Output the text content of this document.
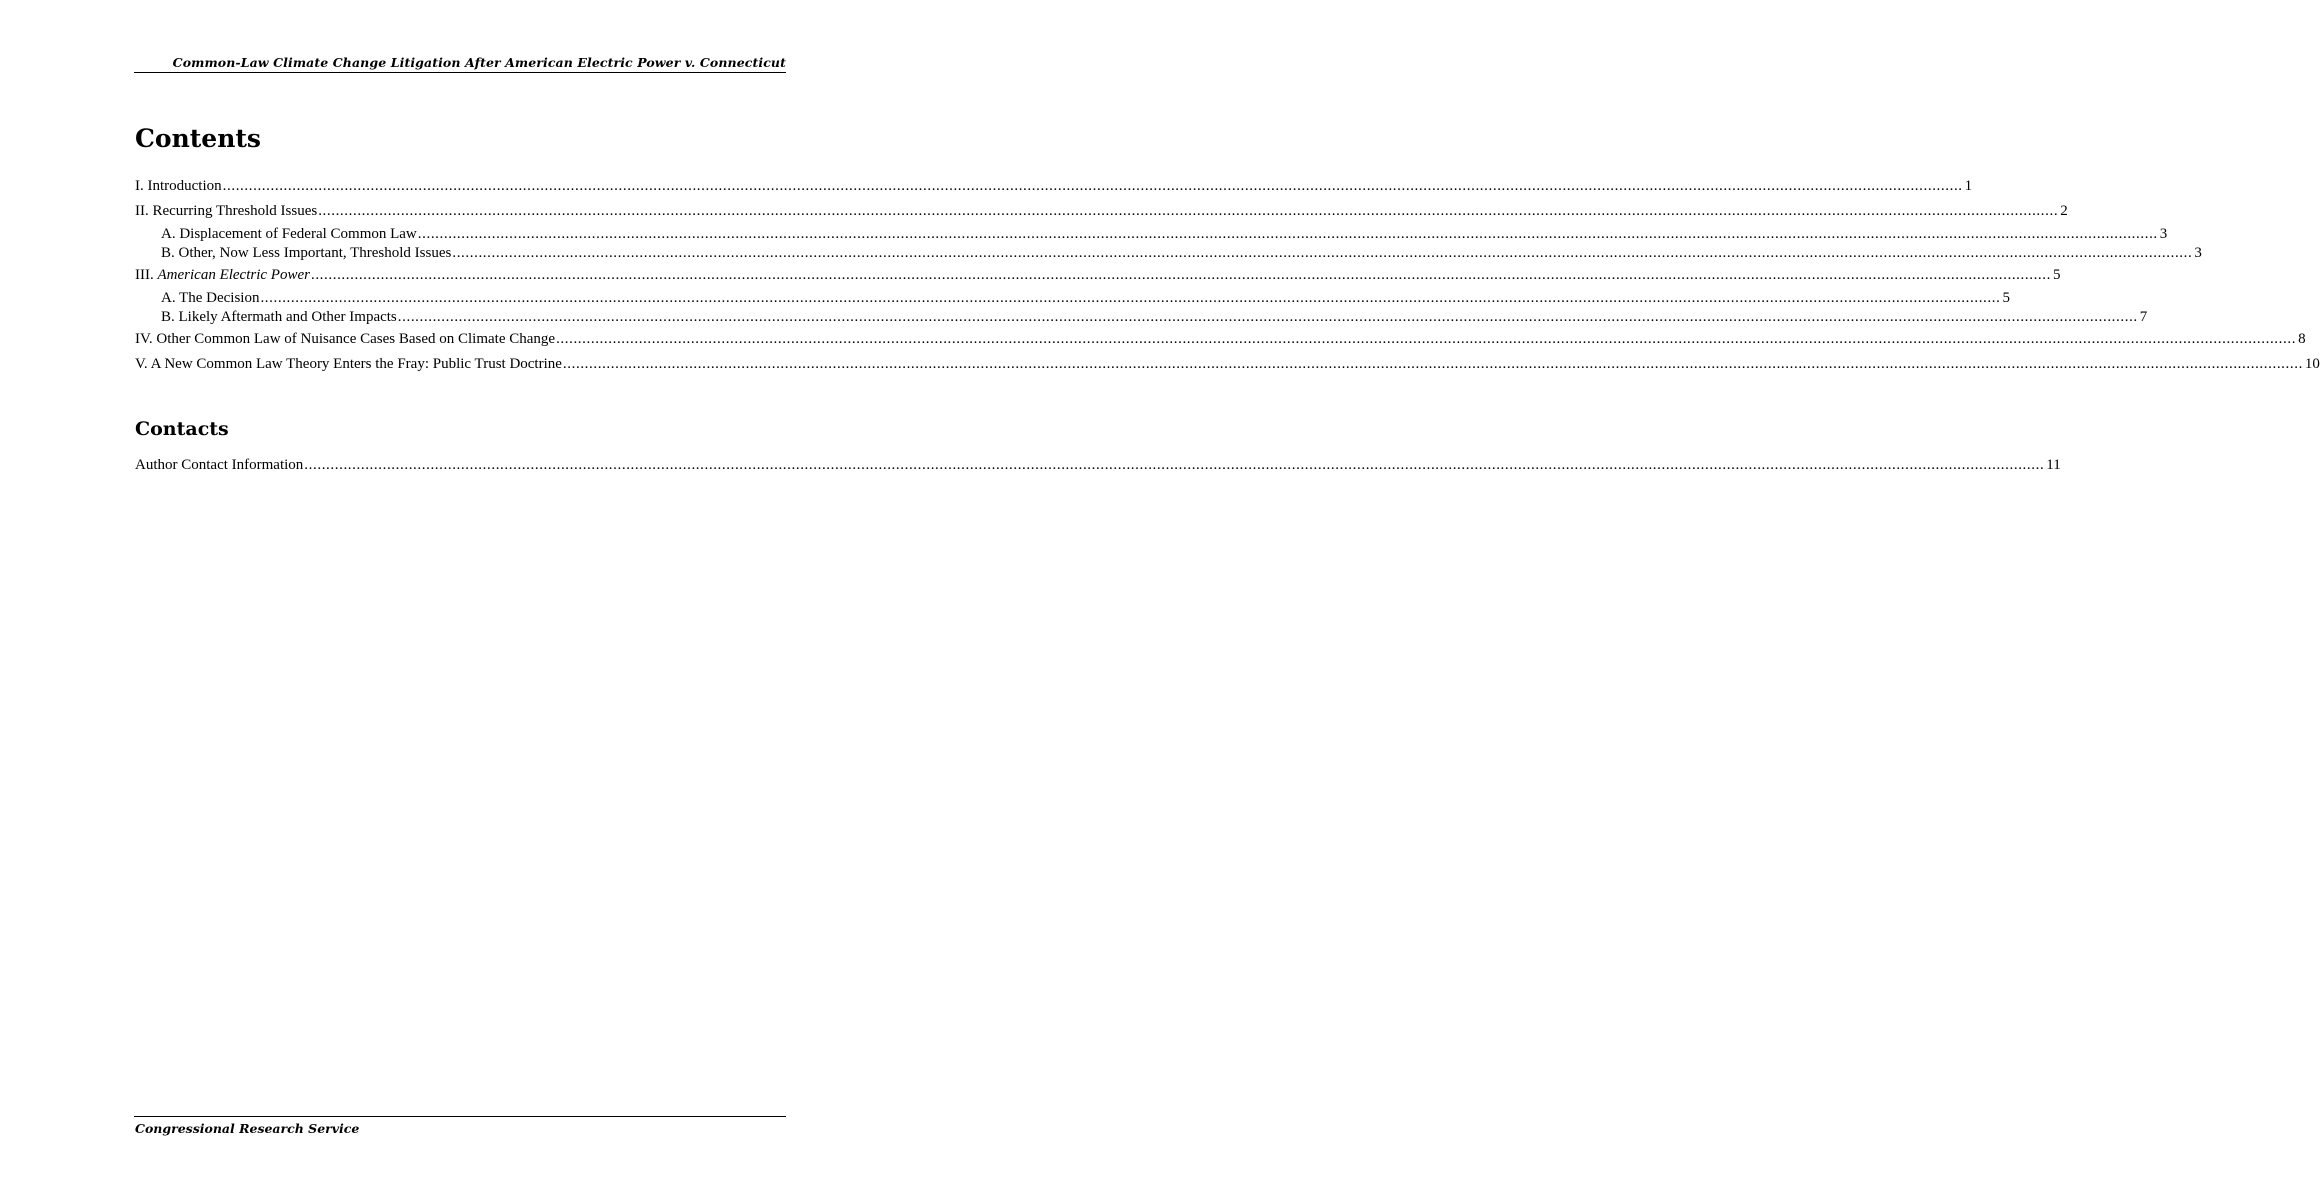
Common-Law Climate Change Litigation After American Electric Power v. Connecticut
Contents
I. Introduction ................................................................................................................................................................................................................................................................................................................................................................................................................ 1
II. Recurring Threshold Issues ................................................................................................................................................................................................................................................................................................................................................................................................................ 2
A. Displacement of Federal Common Law ................................................................................................................................................................................................................................................................................................................................................................................................................ 3
B. Other, Now Less Important, Threshold Issues ................................................................................................................................................................................................................................................................................................................................................................................................................ 3
III. American Electric Power ................................................................................................................................................................................................................................................................................................................................................................................................................ 5
A. The Decision ................................................................................................................................................................................................................................................................................................................................................................................................................ 5
B. Likely Aftermath and Other Impacts ................................................................................................................................................................................................................................................................................................................................................................................................................ 7
IV. Other Common Law of Nuisance Cases Based on Climate Change ................................................................................................................................................................................................................................................................................................................................................................................................................ 8
V. A New Common Law Theory Enters the Fray: Public Trust Doctrine ................................................................................................................................................................................................................................................................................................................................................................................................................ 10
Author Contact Information ................................................................................................................................................................................................................................................................................................................................................................................................................ 11
Contacts
Congressional Research Service
